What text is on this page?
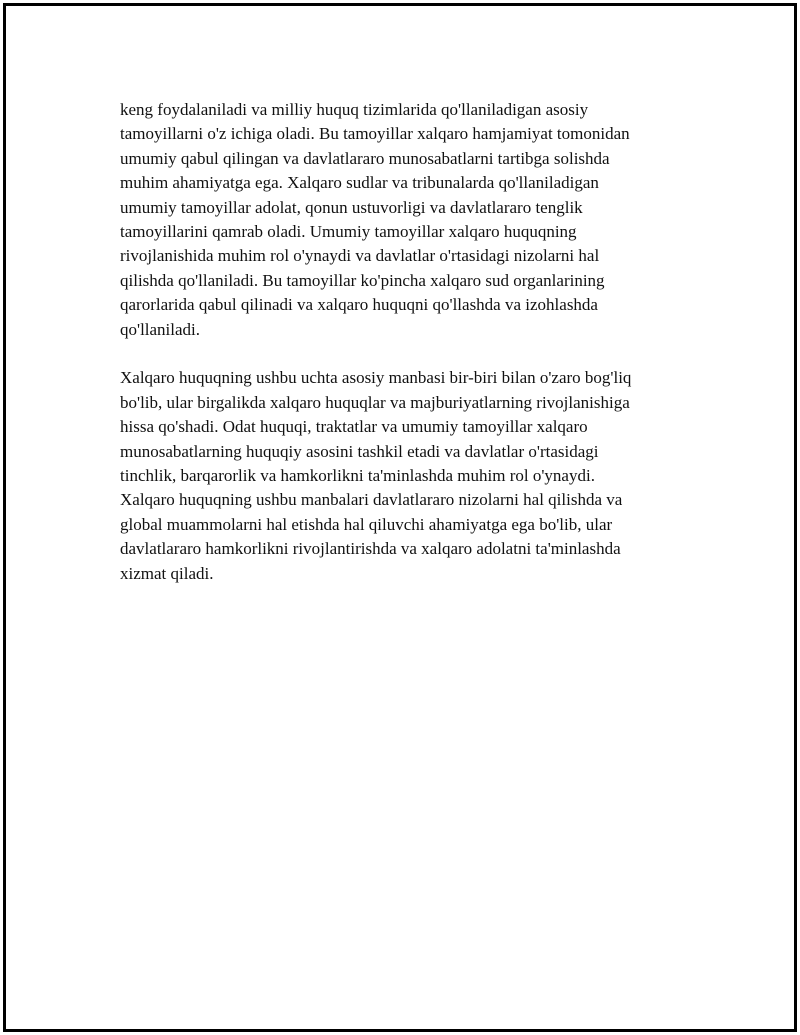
keng foydalaniladi va milliy huquq tizimlarida qo'llaniladigan asosiy
tamoyillarni o'z ichiga oladi. Bu tamoyillar xalqaro hamjamiyat tomonidan
umumiy qabul qilingan va davlatlararo munosabatlarni tartibga solishda
muhim ahamiyatga ega. Xalqaro sudlar va tribunalarda qo'llaniladigan
umumiy tamoyillar adolat, qonun ustuvorligi va davlatlararo tenglik
tamoyillarini qamrab oladi. Umumiy tamoyillar xalqaro huquqning
rivojlanishida muhim rol o'ynaydi va davlatlar o'rtasidagi nizolarni hal
qilishda qo'llaniladi. Bu tamoyillar ko'pincha xalqaro sud organlarining
qarorlarida qabul qilinadi va xalqaro huquqni qo'llashda va izohlashda
qo'llaniladi.

Xalqaro huquqning ushbu uchta asosiy manbasi bir-biri bilan o'zaro bog'liq
bo'lib, ular birgalikda xalqaro huquqlar va majburiyatlarning rivojlanishiga
hissa qo'shadi. Odat huquqi, traktatlar va umumiy tamoyillar xalqaro
munosabatlarning huquqiy asosini tashkil etadi va davlatlar o'rtasidagi
tinchlik, barqarorlik va hamkorlikni ta'minlashda muhim rol o'ynaydi.
Xalqaro huquqning ushbu manbalari davlatlararo nizolarni hal qilishda va
global muammolarni hal etishda hal qiluvchi ahamiyatga ega bo'lib, ular
davlatlararo hamkorlikni rivojlantirishda va xalqaro adolatni ta'minlashda
xizmat qiladi.
